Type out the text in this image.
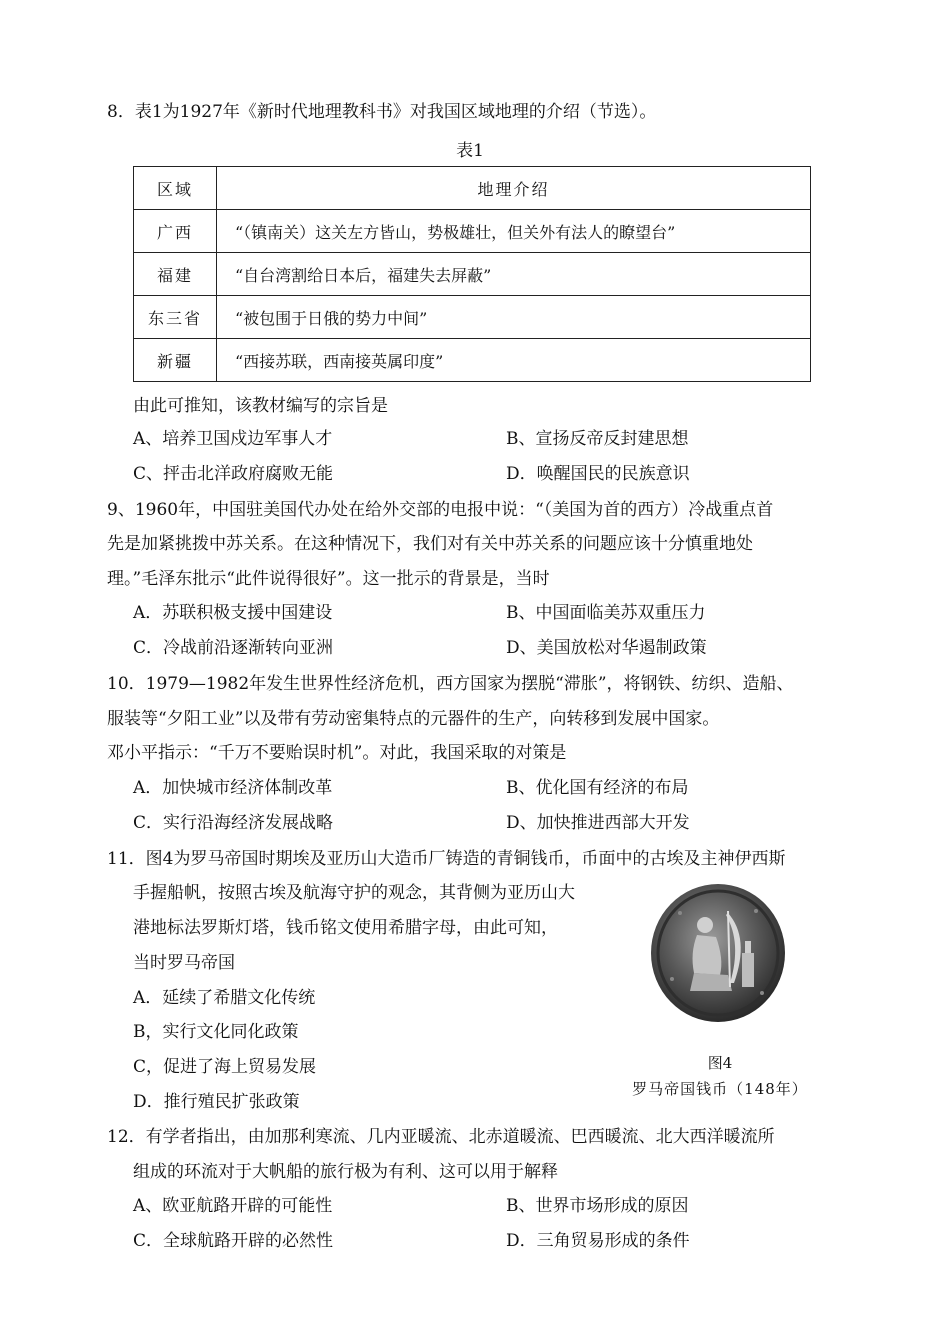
8．表1为1927年《新时代地理教科书》对我国区域地理的介绍（节选）。
表1
区域	地理介绍
广西	“（镇南关）这关左方皆山，势极雄壮，但关外有法人的瞭望台”
福建	“自台湾割给日本后，福建失去屏蔽”
东三省	“被包围于日俄的势力中间”
新疆	“西接苏联，西南接英属印度”
由此可推知，该教材编写的宗旨是
A、培养卫国戍边军事人才	B、宣扬反帝反封建思想
C、抨击北洋政府腐败无能	D．唤醒国民的民族意识
9、1960年，中国驻美国代办处在给外交部的电报中说：“（美国为首的西方）冷战重点首
先是加紧挑拨中苏关系。在这种情况下，我们对有关中苏关系的问题应该十分慎重地处
理。”毛泽东批示“此件说得很好”。这一批示的背景是，当时
A．苏联积极支援中国建设	B、中国面临美苏双重压力
C．冷战前沿逐渐转向亚洲	D、美国放松对华遏制政策
10．1979—1982年发生世界性经济危机，西方国家为摆脱“滞胀”，将钢铁、纺织、造船、
服装等“夕阳工业”以及带有劳动密集特点的元器件的生产，向转移到发展中国家。
邓小平指示：“千万不要贻误时机”。对此，我国采取的对策是
A．加快城市经济体制改革	B、优化国有经济的布局
C．实行沿海经济发展战略	D、加快推进西部大开发
11．图4为罗马帝国时期埃及亚历山大造币厂铸造的青铜钱币，币面中的古埃及主神伊西斯
手握船帆，按照古埃及航海守护的观念，其背侧为亚历山大
港地标法罗斯灯塔，钱币铭文使用希腊字母，由此可知，
当时罗马帝国
A．延续了希腊文化传统
B，实行文化同化政策
C，促进了海上贸易发展
D．推行殖民扩张政策
图4
罗马帝国钱币（148年）
12．有学者指出，由加那利寒流、几内亚暖流、北赤道暖流、巴西暖流、北大西洋暖流所
组成的环流对于大帆船的旅行极为有利、这可以用于解释
A、欧亚航路开辟的可能性	B、世界市场形成的原因
C．全球航路开辟的必然性	D．三角贸易形成的条件
